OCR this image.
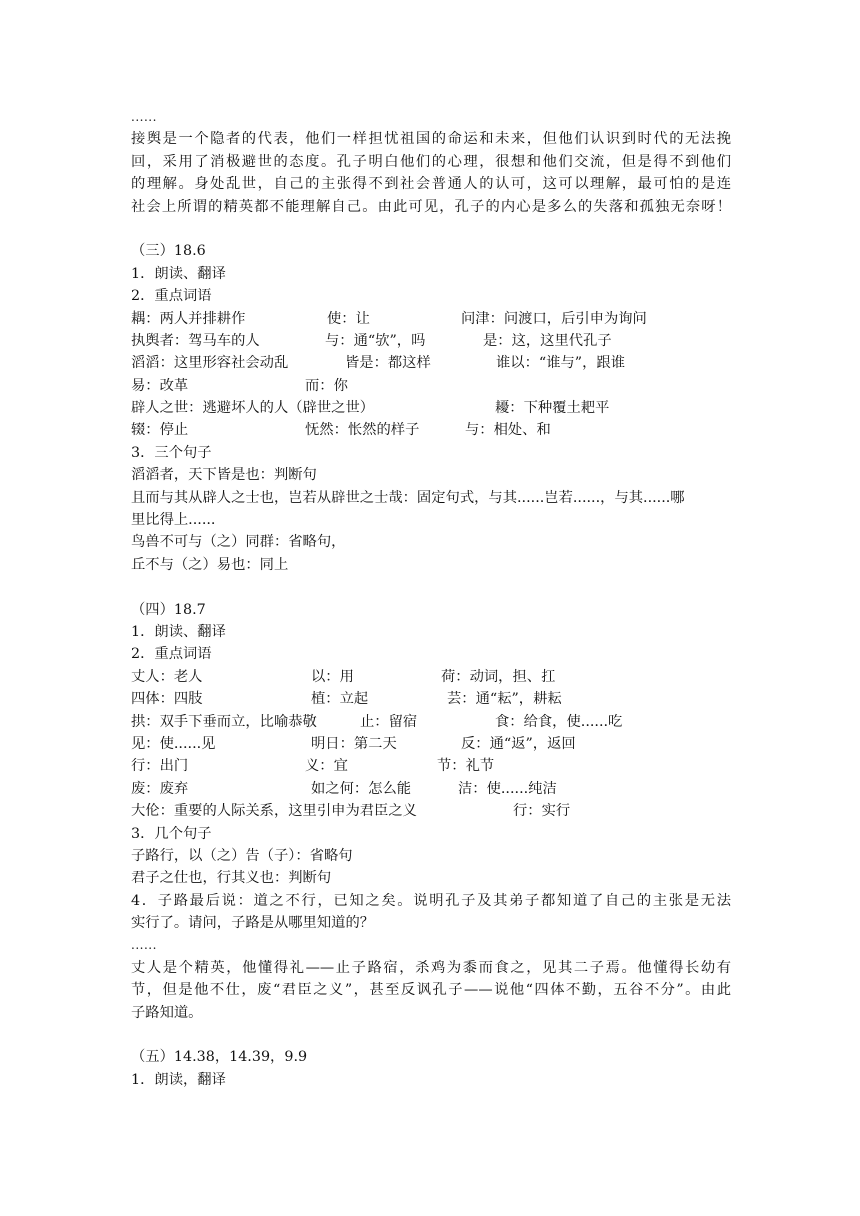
......
接舆是一个隐者的代表，他们一样担忧祖国的命运和未来，但他们认识到时代的无法挽
回，采用了消极避世的态度。孔子明白他们的心理，很想和他们交流，但是得不到他们
的理解。身处乱世，自己的主张得不到社会普通人的认可，这可以理解，最可怕的是连
社会上所谓的精英都不能理解自己。由此可见，孔子的内心是多么的失落和孤独无奈呀！
（三）18.6
1．朗读、翻译
2．重点词语
耦：两人并排耕作	使：让	问津：问渡口，后引申为询问
执舆者：驾马车的人	与：通“欤”，吗	是：这，这里代孔子
滔滔：这里形容社会动乱	皆是：都这样	谁以：“谁与”，跟谁
易：改革	而：你
辟人之世：逃避坏人的人（辟世之世）	耰：下种覆土耙平
辍：停止	怃然：怅然的样子	与：相处、和
3．三个句子
滔滔者，天下皆是也：判断句
且而与其从辟人之士也，岂若从辟世之士哉：固定句式，与其......岂若......，与其......哪
里比得上......
鸟兽不可与（之）同群：省略句，
丘不与（之）易也：同上
（四）18.7
1．朗读、翻译
2．重点词语
丈人：老人	以：用	荷：动词，担、扛
四体：四肢	植：立起	芸：通“耘”，耕耘
拱：双手下垂而立，比喻恭敬	止：留宿	食：给食，使......吃
见：使......见	明日：第二天	反：通“返”，返回
行：出门	义：宜	节：礼节
废：废弃	如之何：怎么能	洁：使......纯洁
大伦：重要的人际关系，这里引申为君臣之义	行：实行
3．几个句子
子路行，以（之）告（子）：省略句
君子之仕也，行其义也：判断句
4．子路最后说：道之不行，已知之矣。说明孔子及其弟子都知道了自己的主张是无法
实行了。请问，子路是从哪里知道的？
......
丈人是个精英，他懂得礼——止子路宿，杀鸡为黍而食之，见其二子焉。他懂得长幼有
节，但是他不仕，废“君臣之义”，甚至反讽孔子——说他“四体不勤，五谷不分”。由此
子路知道。
（五）14.38，14.39，9.9
1．朗读，翻译
